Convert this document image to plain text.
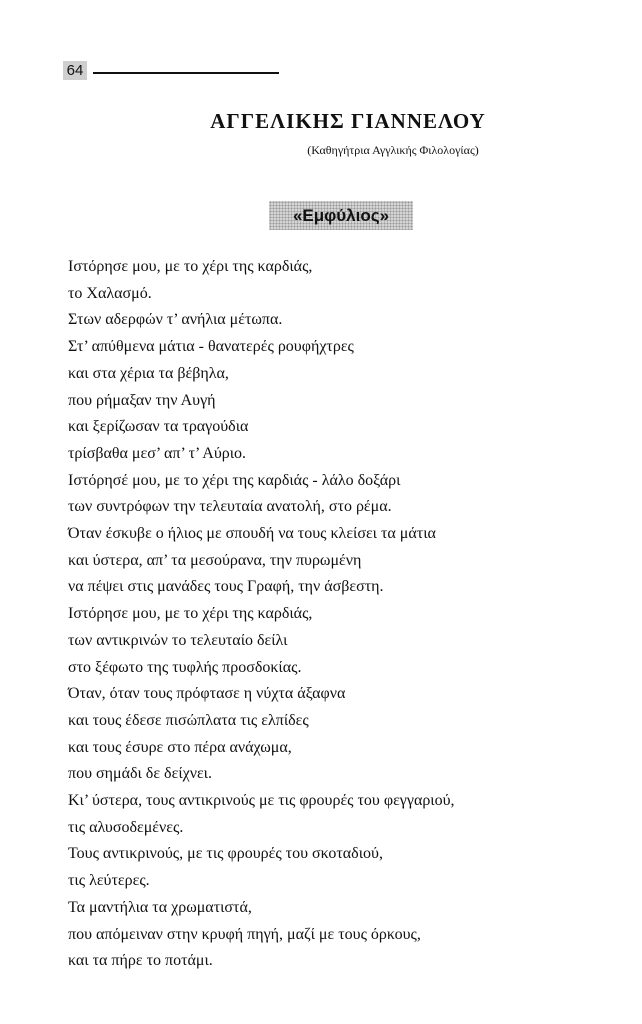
64
ΑΓΓΕΛΙΚΗΣ ΓΙΑΝΝΕΛΟΥ
(Καθηγήτρια Αγγλικής Φιλολογίας)
«Εμφύλιος»
Ιστόρησε μου, με το χέρι της καρδιάς,
το Χαλασμό.
Στων αδερφών τ’ ανήλια μέτωπα.
Στ’ απύθμενα μάτια - θανατερές ρουφήχτρες
και στα χέρια τα βέβηλα,
που ρήμαξαν την Αυγή
και ξερίζωσαν τα τραγούδια
τρίσβαθα μεσ’ απ’ τ’ Αύριο.
Ιστόρησέ μου, με το χέρι της καρδιάς - λάλο δοξάρι
των συντρόφων την τελευταία ανατολή, στο ρέμα.
Όταν έσκυβε ο ήλιος με σπουδή να τους κλείσει τα μάτια
και ύστερα, απ’ τα μεσούρανα, την πυρωμένη
να πέψει στις μανάδες τους Γραφή, την άσβεστη.
Ιστόρησε μου, με το χέρι της καρδιάς,
των αντικρινών το τελευταίο δείλι
στο ξέφωτο της τυφλής προσδοκίας.
Όταν, όταν τους πρόφτασε η νύχτα άξαφνα
και τους έδεσε πισώπλατα τις ελπίδες
και τους έσυρε στο πέρα ανάχωμα,
που σημάδι δε δείχνει.
Κι’ ύστερα, τους αντικρινούς με τις φρουρές του φεγγαριού,
τις αλυσοδεμένες.
Τους αντικρινούς, με τις φρουρές του σκοταδιού,
τις λεύτερες.
Τα μαντήλια τα χρωματιστά,
που απόμειναν στην κρυφή πηγή, μαζί με τους όρκους,
και τα πήρε το ποτάμι.
